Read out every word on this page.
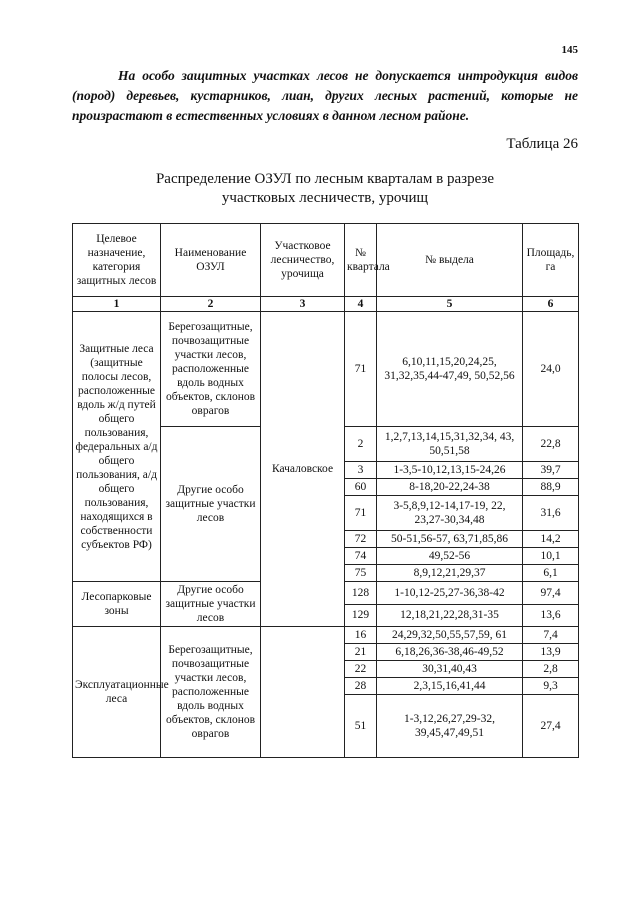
145

На особо защитных участках лесов не допускается интродукция видов (пород) деревьев, кустарников, лиан, других лесных растений, которые не произрастают в естественных условиях в данном лесном районе.

Таблица 26
Распределение ОЗУЛ по лесным кварталам в разрезе
участковых лесничеств, урочищ
Целевое назначение, категория защитных лесов	Наименование ОЗУЛ	Участковое лесничество, урочища	№ квартала	№ выдела	Площадь, га
1	2	3	4	5	6
Защитные леса (защитные полосы лесов, расположенные вдоль ж/д путей общего пользования, федеральных а/д общего пользования, а/д общего пользования, находящихся в собственности субъектов РФ)	Берегозащитные, почвозащитные участки лесов, расположенные вдоль водных объектов, склонов оврагов	Качаловское	71	6,10,11,15,20,24,25, 31,32,35,44-47,49, 50,52,56	24,0
	Другие особо защитные участки лесов		2	1,2,7,13,14,15,31,32,34, 43, 50,51,58	22,8
			3	1-3,5-10,12,13,15-24,26	39,7
			60	8-18,20-22,24-38	88,9
			71	3-5,8,9,12-14,17-19, 22, 23,27-30,34,48	31,6
			72	50-51,56-57, 63,71,85,86	14,2
			74	49,52-56	10,1
			75	8,9,12,21,29,37	6,1
Лесопарковые зоны	Другие особо защитные участки лесов		128	1-10,12-25,27-36,38-42	97,4
			129	12,18,21,22,28,31-35	13,6
Эксплуатационные леса	Берегозащитные, почвозащитные участки лесов, расположенные вдоль водных объектов, склонов оврагов		16	24,29,32,50,55,57,59, 61	7,4
			21	6,18,26,36-38,46-49,52	13,9
			22	30,31,40,43	2,8
			28	2,3,15,16,41,44	9,3
			51	1-3,12,26,27,29-32, 39,45,47,49,51	27,4
